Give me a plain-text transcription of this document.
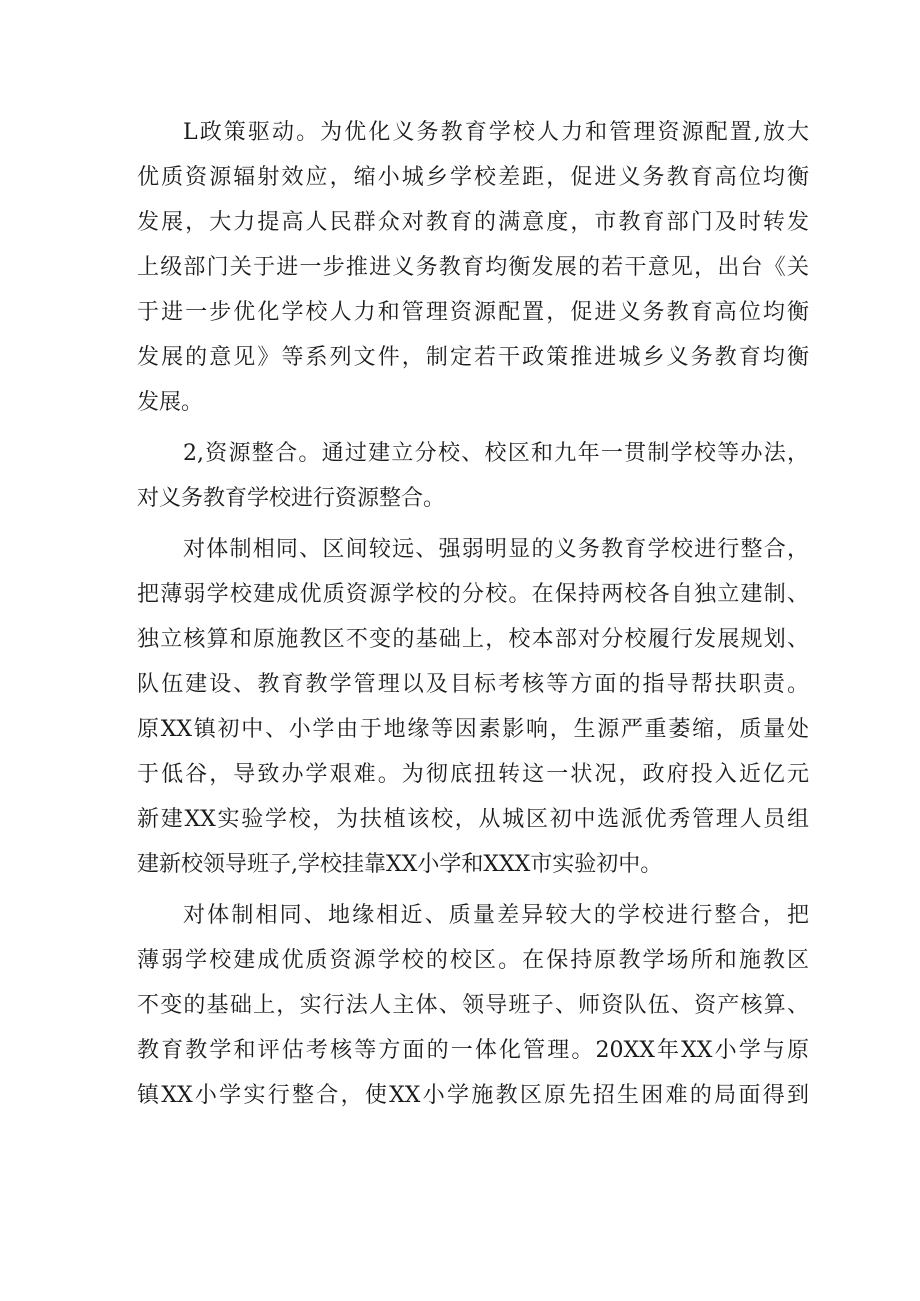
L政策驱动。为优化义务教育学校人力和管理资源配置,放大
优质资源辐射效应，缩小城乡学校差距，促进义务教育高位均衡
发展，大力提高人民群众对教育的满意度，市教育部门及时转发
上级部门关于进一步推进义务教育均衡发展的若干意见，出台《关
于进一步优化学校人力和管理资源配置，促进义务教育高位均衡
发展的意见》等系列文件，制定若干政策推进城乡义务教育均衡
发展。
2,资源整合。通过建立分校、校区和九年一贯制学校等办法，
对义务教育学校进行资源整合。
对体制相同、区间较远、强弱明显的义务教育学校进行整合，
把薄弱学校建成优质资源学校的分校。在保持两校各自独立建制、
独立核算和原施教区不变的基础上，校本部对分校履行发展规划、
队伍建设、教育教学管理以及目标考核等方面的指导帮扶职责。
原XX镇初中、小学由于地缘等因素影响，生源严重萎缩，质量处
于低谷，导致办学艰难。为彻底扭转这一状况，政府投入近亿元
新建XX实验学校，为扶植该校，从城区初中选派优秀管理人员组
建新校领导班子,学校挂靠XX小学和XXX市实验初中。
对体制相同、地缘相近、质量差异较大的学校进行整合，把
薄弱学校建成优质资源学校的校区。在保持原教学场所和施教区
不变的基础上，实行法人主体、领导班子、师资队伍、资产核算、
教育教学和评估考核等方面的一体化管理。20XX年XX小学与原
镇XX小学实行整合，使XX小学施教区原先招生困难的局面得到
